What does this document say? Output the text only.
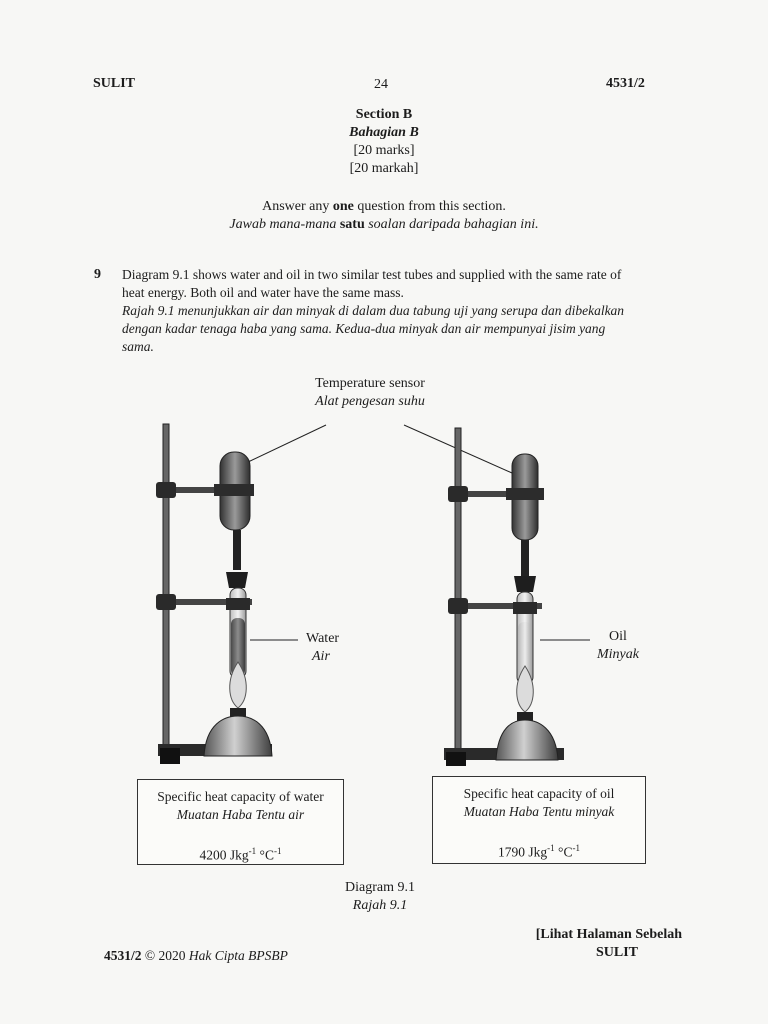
SULIT	24	4531/2
Section B
Bahagian B
[20 marks]
[20 markah]
Answer any one question from this section.
Jawab mana-mana satu soalan daripada bahagian ini.
9 Diagram 9.1 shows water and oil in two similar test tubes and supplied with the same rate of
heat energy. Both oil and water have the same mass.
Rajah 9.1 menunjukkan air dan minyak di dalam dua tabung uji yang serupa dan dibekalkan
dengan kadar tenaga haba yang sama. Kedua-dua minyak dan air mempunyai jisim yang
sama.
Temperature sensor
Alat pengesan suhu
Water
Air
Oil
Minyak
Specific heat capacity of water
Muatan Haba Tentu air
4200 Jkg$^{-1}$ $^\circ C^{-1}$
Specific heat capacity of oil
Muatan Haba Tentu minyak
1790 Jkg$^{-1}$ $^\circ C^{-1}$
Diagram 9.1
Rajah 9.1
4531/2 © 2020 Hak Cipta BPSBP
[Lihat Halaman Sebelah
SULIT
